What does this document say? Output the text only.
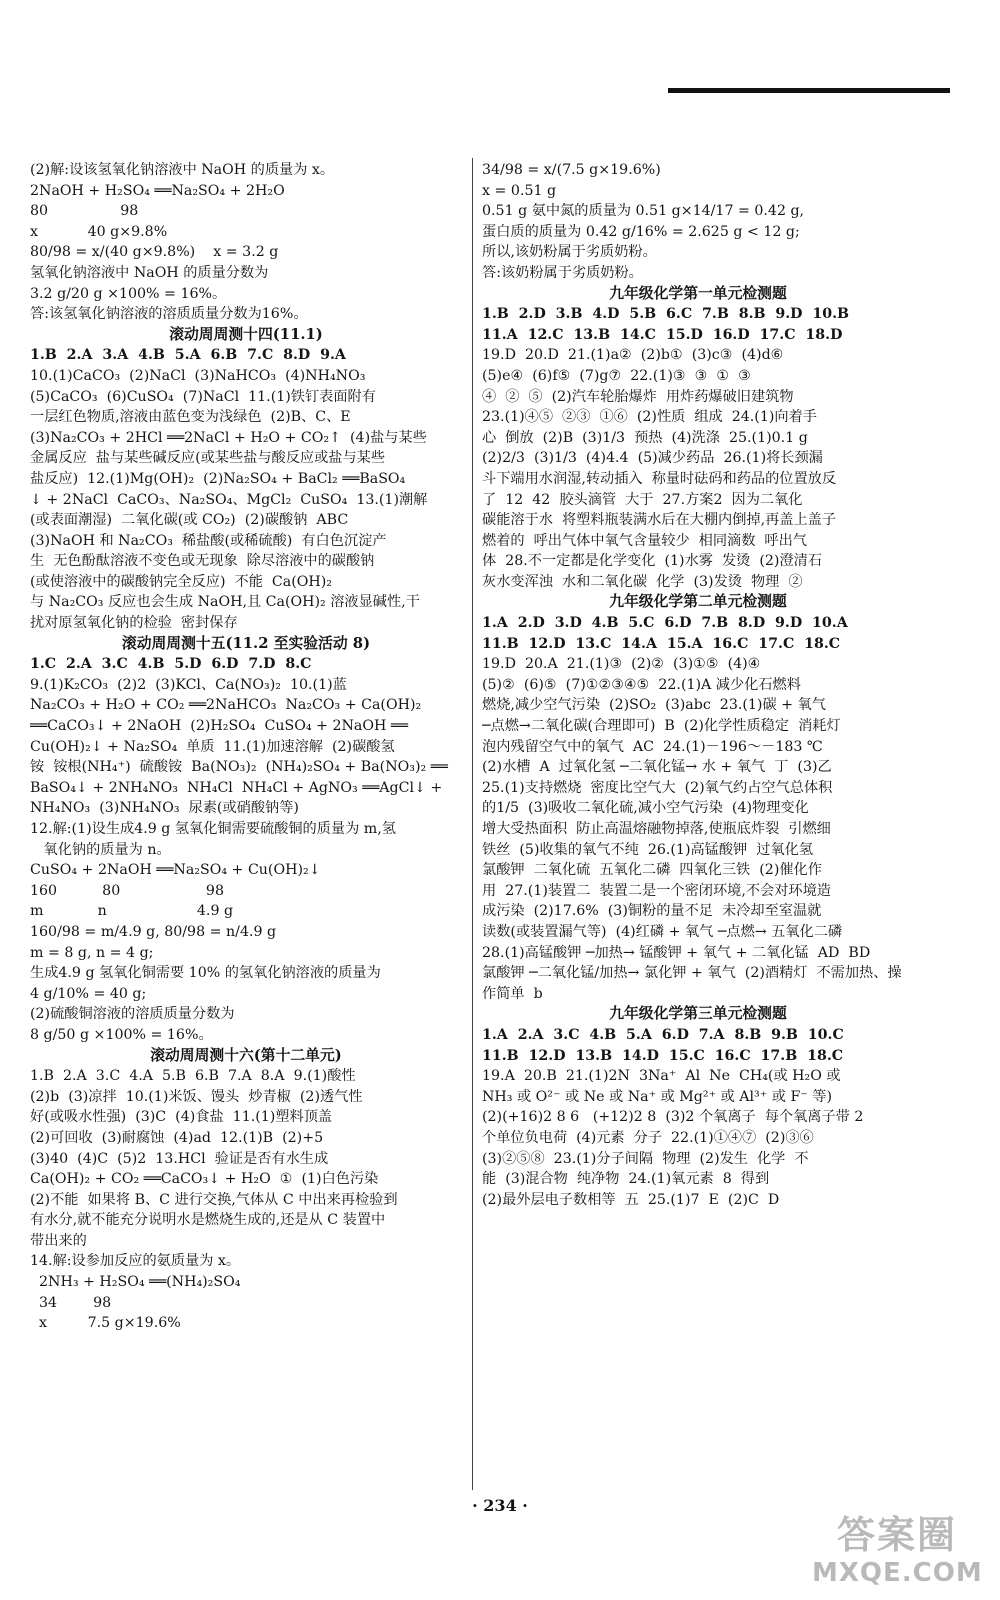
(2)解:设该氢氧化钠溶液中 NaOH 的质量为 x。
2NaOH + H₂SO₄ ══Na₂SO₄ + 2H₂O
80                98
x           40 g×9.8%
80/98 = x/(40 g×9.8%)    x = 3.2 g
氢氧化钠溶液中 NaOH 的质量分数为
3.2 g/20 g ×100% = 16%。
答:该氢氧化钠溶液的溶质质量分数为16%。
滚动周周测十四(11.1)
1.B  2.A  3.A  4.B  5.A  6.B  7.C  8.D  9.A
10.(1)CaCO₃  (2)NaCl  (3)NaHCO₃  (4)NH₄NO₃
(5)CaCO₃  (6)CuSO₄  (7)NaCl  11.(1)铁钉表面附有
一层红色物质,溶液由蓝色变为浅绿色  (2)B、C、E
(3)Na₂CO₃ + 2HCl ══2NaCl + H₂O + CO₂↑  (4)盐与某些
金属反应  盐与某些碱反应(或某些盐与酸反应或盐与某些
盐反应)  12.(1)Mg(OH)₂  (2)Na₂SO₄ + BaCl₂ ══BaSO₄
↓ + 2NaCl  CaCO₃、Na₂SO₄、MgCl₂  CuSO₄  13.(1)潮解
(或表面潮湿)  二氧化碳(或 CO₂)  (2)碳酸钠  ABC
(3)NaOH 和 Na₂CO₃  稀盐酸(或稀硫酸)  有白色沉淀产
生  无色酚酞溶液不变色或无现象  除尽溶液中的碳酸钠
(或使溶液中的碳酸钠完全反应)  不能  Ca(OH)₂
与 Na₂CO₃ 反应也会生成 NaOH,且 Ca(OH)₂ 溶液显碱性,干
扰对原氢氧化钠的检验  密封保存
滚动周周测十五(11.2 至实验活动 8)
1.C  2.A  3.C  4.B  5.D  6.D  7.D  8.C
9.(1)K₂CO₃  (2)2  (3)KCl、Ca(NO₃)₂  10.(1)蓝
Na₂CO₃ + H₂O + CO₂ ══2NaHCO₃  Na₂CO₃ + Ca(OH)₂
══CaCO₃↓ + 2NaOH  (2)H₂SO₄  CuSO₄ + 2NaOH ══
Cu(OH)₂↓ + Na₂SO₄  单质  11.(1)加速溶解  (2)碳酸氢
铵  铵根(NH₄⁺)  硫酸铵  Ba(NO₃)₂  (NH₄)₂SO₄ + Ba(NO₃)₂ ══
BaSO₄↓ + 2NH₄NO₃  NH₄Cl  NH₄Cl + AgNO₃ ══AgCl↓ +
NH₄NO₃  (3)NH₄NO₃  尿素(或硝酸钠等)
12.解:(1)设生成4.9 g 氢氧化铜需要硫酸铜的质量为 m,氢
氧化钠的质量为 n。
CuSO₄ + 2NaOH ══Na₂SO₄ + Cu(OH)₂↓
160          80                   98
m            n                    4.9 g
160/98 = m/4.9 g, 80/98 = n/4.9 g
m = 8 g, n = 4 g;
生成4.9 g 氢氧化铜需要 10% 的氢氧化钠溶液的质量为
4 g/10% = 40 g;
(2)硫酸铜溶液的溶质质量分数为
8 g/50 g ×100% = 16%。
滚动周周测十六(第十二单元)
1.B  2.A  3.C  4.A  5.B  6.B  7.A  8.A  9.(1)酸性
(2)b  (3)凉拌  10.(1)米饭、馒头  炒青椒  (2)透气性
好(或吸水性强)  (3)C  (4)食盐  11.(1)塑料顶盖
(2)可回收  (3)耐腐蚀  (4)ad  12.(1)B  (2)+5
(3)40  (4)C  (5)2  13.HCl  验证是否有水生成
Ca(OH)₂ + CO₂ ══CaCO₃↓ + H₂O  ①  (1)白色污染
(2)不能  如果将 B、C 进行交换,气体从 C 中出来再检验到
有水分,就不能充分说明水是燃烧生成的,还是从 C 装置中
带出来的
14.解:设参加反应的氨质量为 x。
2NH₃ + H₂SO₄ ══(NH₄)₂SO₄
34        98
x         7.5 g×19.6%
34/98 = x/(7.5 g×19.6%)
x = 0.51 g
0.51 g 氨中氮的质量为 0.51 g×14/17 = 0.42 g,
蛋白质的质量为 0.42 g/16% = 2.625 g < 12 g;
所以,该奶粉属于劣质奶粉。
答:该奶粉属于劣质奶粉。
九年级化学第一单元检测题
1.B  2.D  3.B  4.D  5.B  6.C  7.B  8.B  9.D  10.B
11.A  12.C  13.B  14.C  15.D  16.D  17.C  18.D
19.D  20.D  21.(1)a②  (2)b①  (3)c③  (4)d⑥
(5)e④  (6)f⑤  (7)g⑦  22.(1)③  ③  ①  ③
④  ②  ⑤  (2)汽车轮胎爆炸  用炸药爆破旧建筑物
23.(1)④⑤  ②③  ①⑥  (2)性质  组成  24.(1)向着手
心  倒放  (2)B  (3)1/3  预热  (4)洗涤  25.(1)0.1 g
(2)2/3  (3)1/3  (4)4.4  (5)减少药品  26.(1)将长颈漏
斗下端用水润湿,转动插入  称量时砝码和药品的位置放反
了  12  42  胶头滴管  大于  27.方案2  因为二氧化
碳能溶于水  将塑料瓶装满水后在大棚内倒掉,再盖上盖子
燃着的  呼出气体中氧气含量较少  相同滴数  呼出气
体  28.不一定都是化学变化  (1)水雾  发烫  (2)澄清石
灰水变浑浊  水和二氧化碳  化学  (3)发烫  物理  ②
九年级化学第二单元检测题
1.A  2.D  3.D  4.B  5.C  6.D  7.B  8.D  9.D  10.A
11.B  12.D  13.C  14.A  15.A  16.C  17.C  18.C
19.D  20.A  21.(1)③  (2)②  (3)①⑤  (4)④
(5)②  (6)⑤  (7)①②③④⑤  22.(1)A 减少化石燃料
燃烧,减少空气污染  (2)SO₂  (3)abc  23.(1)碳 + 氧气
─点燃→二氧化碳(合理即可)  B  (2)化学性质稳定  消耗灯
泡内残留空气中的氧气  AC  24.(1)－196～－183 ℃
(2)水槽  A  过氧化氢 ─二氧化锰→ 水 + 氧气  丁  (3)乙
25.(1)支持燃烧  密度比空气大  (2)氧气约占空气总体积
的1/5  (3)吸收二氧化硫,减小空气污染  (4)物理变化
增大受热面积  防止高温熔融物掉落,使瓶底炸裂  引燃细
铁丝  (5)收集的氧气不纯  26.(1)高锰酸钾  过氧化氢
氯酸钾  二氧化硫  五氧化二磷  四氧化三铁  (2)催化作
用  27.(1)装置二  装置二是一个密闭环境,不会对环境造
成污染  (2)17.6%  (3)铜粉的量不足  未冷却至室温就
读数(或装置漏气等)  (4)红磷 + 氧气 ─点燃→ 五氧化二磷
28.(1)高锰酸钾 ─加热→ 锰酸钾 + 氧气 + 二氧化锰  AD  BD
氯酸钾 ─二氧化锰/加热→ 氯化钾 + 氧气  (2)酒精灯  不需加热、操
作简单  b
九年级化学第三单元检测题
1.A  2.A  3.C  4.B  5.A  6.D  7.A  8.B  9.B  10.C
11.B  12.D  13.B  14.D  15.C  16.C  17.B  18.C
19.A  20.B  21.(1)2N  3Na⁺  Al  Ne  CH₄(或 H₂O 或
NH₃ 或 O²⁻ 或 Ne 或 Na⁺ 或 Mg²⁺ 或 Al³⁺ 或 F⁻ 等)
(2)(+16)2 8 6   (+12)2 8  (3)2 个氧离子  每个氧离子带 2
个单位负电荷  (4)元素  分子  22.(1)①④⑦  (2)③⑥
(3)②⑤⑧  23.(1)分子间隔  物理  (2)发生  化学  不
能  (3)混合物  纯净物  24.(1)氧元素  8  得到
(2)最外层电子数相等  五  25.(1)7  E  (2)C  D
· 234 ·
答案圈
MXQE.COM
